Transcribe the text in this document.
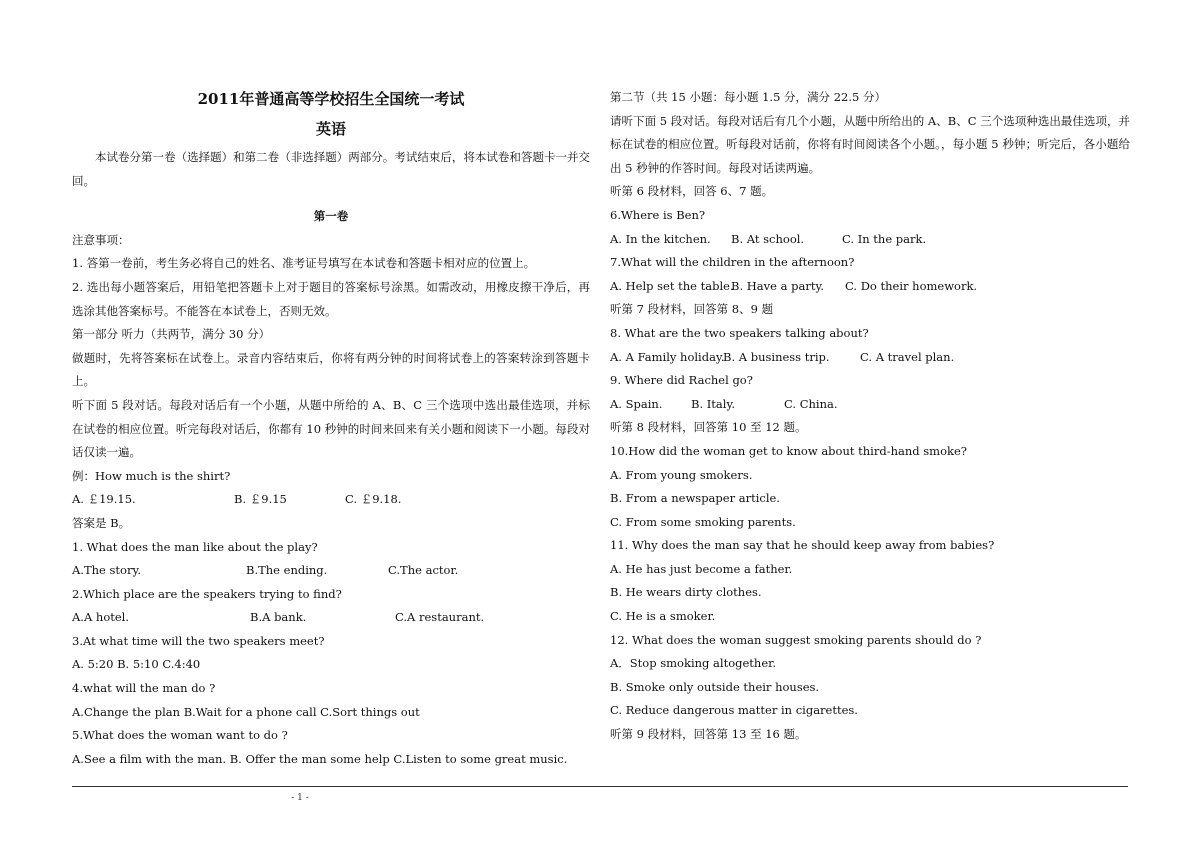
2011年普通高等学校招生全国统一考试
英语
本试卷分第一卷（选择题）和第二卷（非选择题）两部分。考试结束后，将本试卷和答题卡一并交回。
第一卷
注意事项：
1. 答第一卷前，考生务必将自己的姓名、准考证号填写在本试卷和答题卡相对应的位置上。
2. 选出每小题答案后，用铅笔把答题卡上对于题目的答案标号涂黑。如需改动，用橡皮擦干净后，再选涂其他答案标号。不能答在本试卷上，否则无效。
第一部分 听力（共两节，满分 30 分）
做题时，先将答案标在试卷上。录音内容结束后，你将有两分钟的时间将试卷上的答案转涂到答题卡上。
听下面 5 段对话。每段对话后有一个小题，从题中所给的 A、B、C 三个选项中选出最佳选项，并标在试卷的相应位置。听完每段对话后，你都有 10 秒钟的时间来回来有关小题和阅读下一小题。每段对话仅读一遍。
例：How much is the shirt?
A. ￡19.15.	B. ￡9.15	C. ￡9.18.
答案是 B。
1. What does the man like about the play?
A.The story.	B.The ending.	C.The actor.
2.Which place are the speakers trying to find?
A.A hotel.	B.A bank.	C.A restaurant.
3.At what time will the two speakers meet?
A. 5:20 B. 5:10 C.4:40
4.what will the man do ?
A.Change the plan B.Wait for a phone call C.Sort things out
5.What does the woman want to do ?
A.See a film with the man. B. Offer the man some help C.Listen to some great music.
第二节（共 15 小题：每小题 1.5 分，满分 22.5 分）
请听下面 5 段对话。每段对话后有几个小题，从题中所给出的 A、B、C 三个选项种选出最佳选项，并标在试卷的相应位置。听每段对话前，你将有时间阅读各个小题。，每小题 5 秒钟；听完后，各小题给出 5 秒钟的作答时间。每段对话读两遍。
听第 6 段材料，回答 6、7 题。
6.Where is Ben?
A. In the kitchen.	B. At school.	C. In the park.
7.What will the children in the afternoon?
A. Help set the table.
B. Have a party.	C. Do their homework.
听第 7 段材料，回答第 8、9 题
8. What are the two speakers talking about?
A. A Family holiday.
B. A business trip.	C. A travel plan.
9. Where did Rachel go?
A. Spain.	B. Italy.	C. China.
听第 8 段材料，回答第 10 至 12 题。
10.How did the woman get to know about third-hand smoke?
A. From young smokers.
B. From a newspaper article.
C. From some smoking parents.
11. Why does the man say that he should keep away from babies?
A. He has just become a father.
B. He wears dirty clothes.
C. He is a smoker.
12. What does the woman suggest smoking parents should do ?
A．Stop smoking altogether.
B. Smoke only outside their houses.
C. Reduce dangerous matter in cigarettes.
听第 9 段材料，回答第 13 至 16 题。
- 1 -
